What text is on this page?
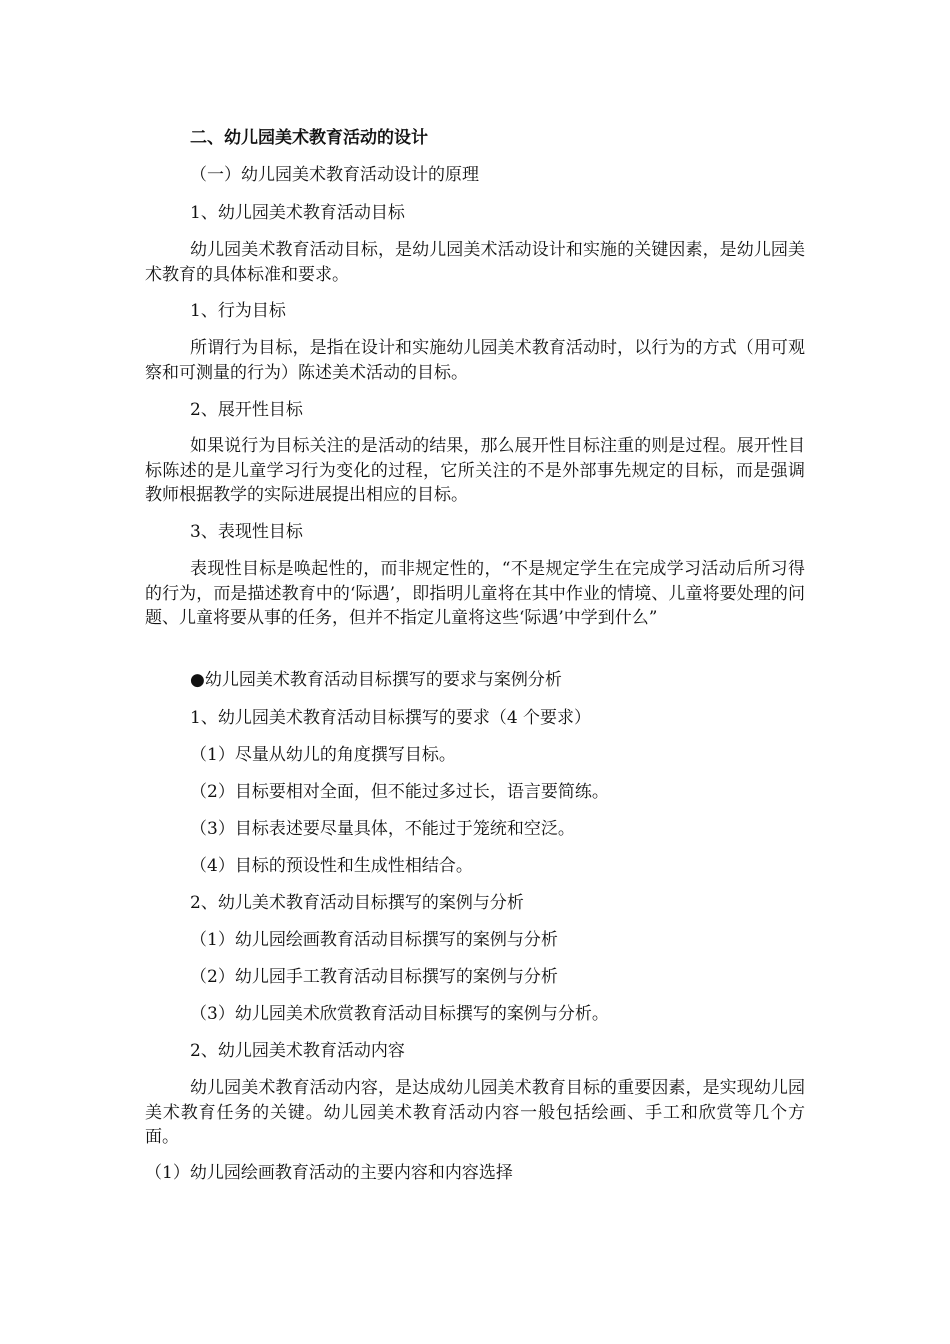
二、幼儿园美术教育活动的设计

（一）幼儿园美术教育活动设计的原理

1、幼儿园美术教育活动目标

幼儿园美术教育活动目标，是幼儿园美术活动设计和实施的关键因素，是幼儿园美术教育的具体标准和要求。

1、行为目标

所谓行为目标，是指在设计和实施幼儿园美术教育活动时，以行为的方式（用可观察和可测量的行为）陈述美术活动的目标。

2、展开性目标

如果说行为目标关注的是活动的结果，那么展开性目标注重的则是过程。展开性目标陈述的是儿童学习行为变化的过程，它所关注的不是外部事先规定的目标，而是强调教师根据教学的实际进展提出相应的目标。

3、表现性目标

表现性目标是唤起性的，而非规定性的，“不是规定学生在完成学习活动后所习得的行为，而是描述教育中的‘际遇’，即指明儿童将在其中作业的情境、儿童将要处理的问题、儿童将要从事的任务，但并不指定儿童将这些‘际遇’中学到什么”

●幼儿园美术教育活动目标撰写的要求与案例分析

1、幼儿园美术教育活动目标撰写的要求（4 个要求）

（1）尽量从幼儿的角度撰写目标。

（2）目标要相对全面，但不能过多过长，语言要简练。

（3）目标表述要尽量具体，不能过于笼统和空泛。

（4）目标的预设性和生成性相结合。

2、幼儿美术教育活动目标撰写的案例与分析

（1）幼儿园绘画教育活动目标撰写的案例与分析

（2）幼儿园手工教育活动目标撰写的案例与分析

（3）幼儿园美术欣赏教育活动目标撰写的案例与分析。

2、幼儿园美术教育活动内容

幼儿园美术教育活动内容，是达成幼儿园美术教育目标的重要因素，是实现幼儿园美术教育任务的关键。幼儿园美术教育活动内容一般包括绘画、手工和欣赏等几个方面。

（1）幼儿园绘画教育活动的主要内容和内容选择
